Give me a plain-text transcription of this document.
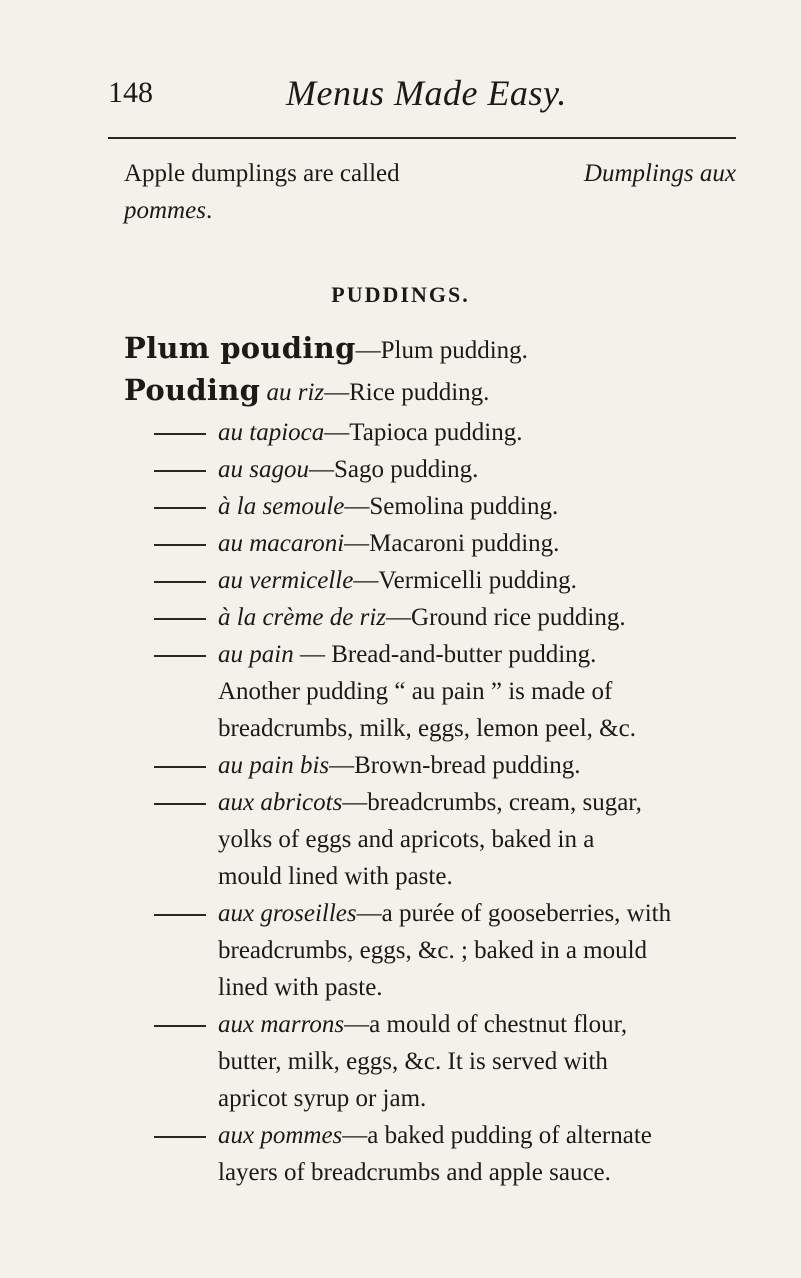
148	Menus Made Easy.
Apple dumplings are called	Dumplings aux
pommes.
PUDDINGS.
Plum pouding—Plum pudding.
Pouding au riz—Rice pudding.
au tapioca—Tapioca pudding.
au sagou—Sago pudding.
à la semoule—Semolina pudding.
au macaroni—Macaroni pudding.
au vermicelle—Vermicelli pudding.
à la crème de riz—Ground rice pudding.
au pain — Bread-and-butter pudding.
Another pudding “ au pain ” is made of
breadcrumbs, milk, eggs, lemon peel, &c.
au pain bis—Brown-bread pudding.
aux abricots—breadcrumbs, cream, sugar,
yolks of eggs and apricots, baked in a
mould lined with paste.
aux groseilles—a purée of gooseberries, with
breadcrumbs, eggs, &c. ; baked in a mould
lined with paste.
aux marrons—a mould of chestnut flour,
butter, milk, eggs, &c. It is served with
apricot syrup or jam.
aux pommes—a baked pudding of alternate
layers of breadcrumbs and apple sauce.
